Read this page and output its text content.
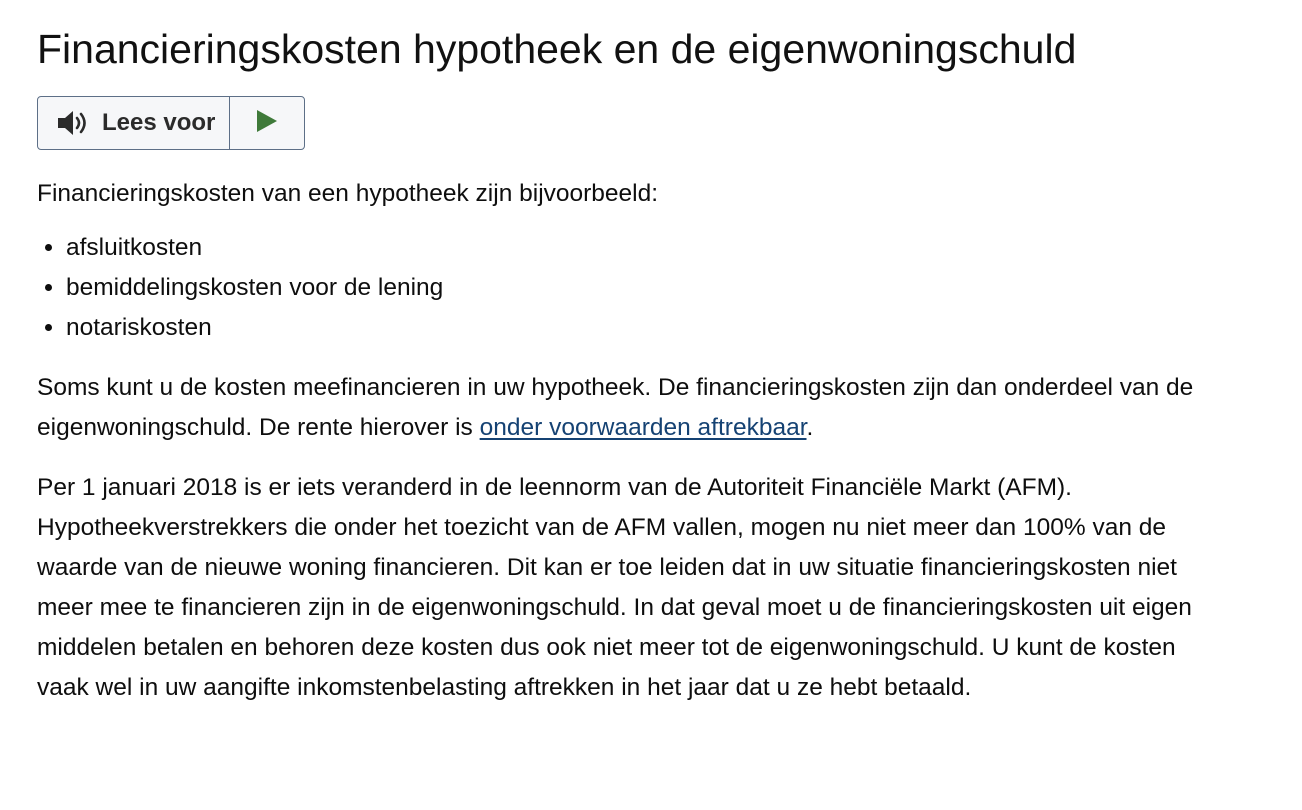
Financieringskosten hypotheek en de eigenwoningschuld
Lees voor

Financieringskosten van een hypotheek zijn bijvoorbeeld:

• afsluitkosten
• bemiddelingskosten voor de lening
• notariskosten

Soms kunt u de kosten meefinancieren in uw hypotheek. De financieringskosten zijn dan onderdeel van de eigenwoningschuld. De rente hierover is onder voorwaarden aftrekbaar.

Per 1 januari 2018 is er iets veranderd in de leennorm van de Autoriteit Financiële Markt (AFM). Hypotheekverstrekkers die onder het toezicht van de AFM vallen, mogen nu niet meer dan 100% van de waarde van de nieuwe woning financieren. Dit kan er toe leiden dat in uw situatie financieringskosten niet meer mee te financieren zijn in de eigenwoningschuld. In dat geval moet u de financieringskosten uit eigen middelen betalen en behoren deze kosten dus ook niet meer tot de eigenwoningschuld. U kunt de kosten vaak wel in uw aangifte inkomstenbelasting aftrekken in het jaar dat u ze hebt betaald.
